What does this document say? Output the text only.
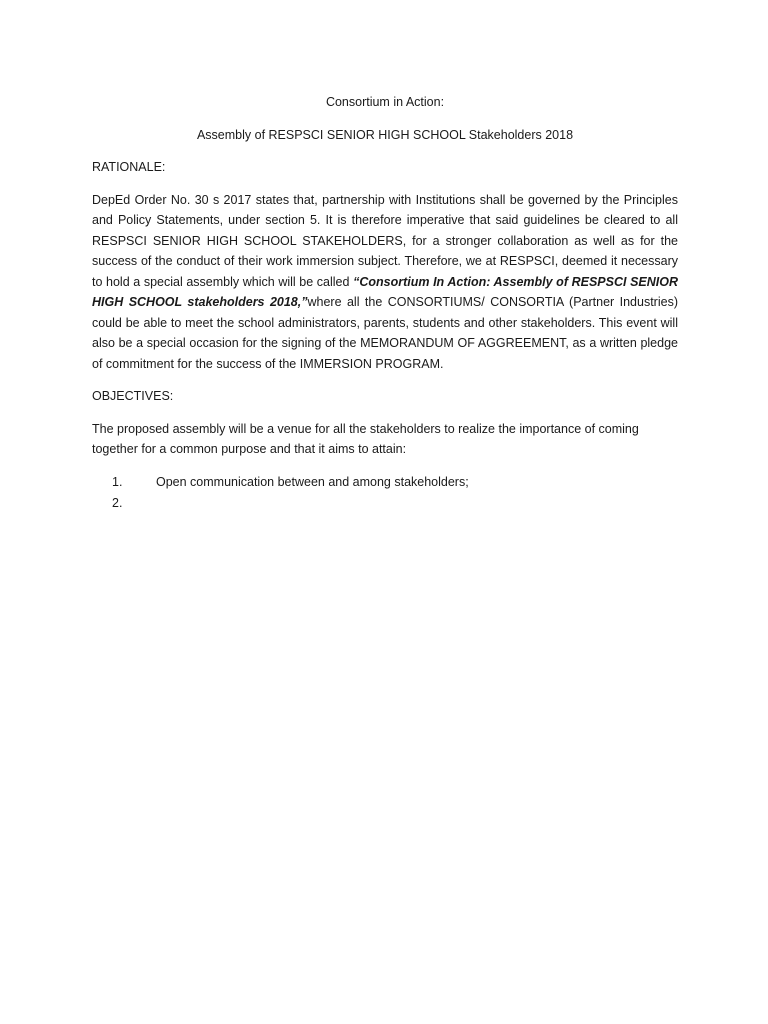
Consortium in Action:

Assembly of RESPSCI SENIOR HIGH SCHOOL Stakeholders 2018

RATIONALE:

DepEd Order No. 30 s 2017 states that, partnership with Institutions shall be governed by the Principles and Policy Statements, under section 5. It is therefore imperative that said guidelines be cleared to all RESPSCI SENIOR HIGH SCHOOL STAKEHOLDERS, for a stronger collaboration as well as for the success of the conduct of their work immersion subject. Therefore, we at RESPSCI, deemed it necessary to hold a special assembly which will be called “Consortium In Action: Assembly of RESPSCI SENIOR HIGH SCHOOL stakeholders 2018,”where all the CONSORTIUMS/ CONSORTIA (Partner Industries) could be able to meet the school administrators, parents, students and other stakeholders. This event will also be a special occasion for the signing of the MEMORANDUM OF AGGREEMENT, as a written pledge of commitment for the success of the IMMERSION PROGRAM.

OBJECTIVES:

The proposed assembly will be a venue for all the stakeholders to realize the importance of coming together for a common purpose and that it aims to attain:

1.	Open communication between and among stakeholders;
2.
